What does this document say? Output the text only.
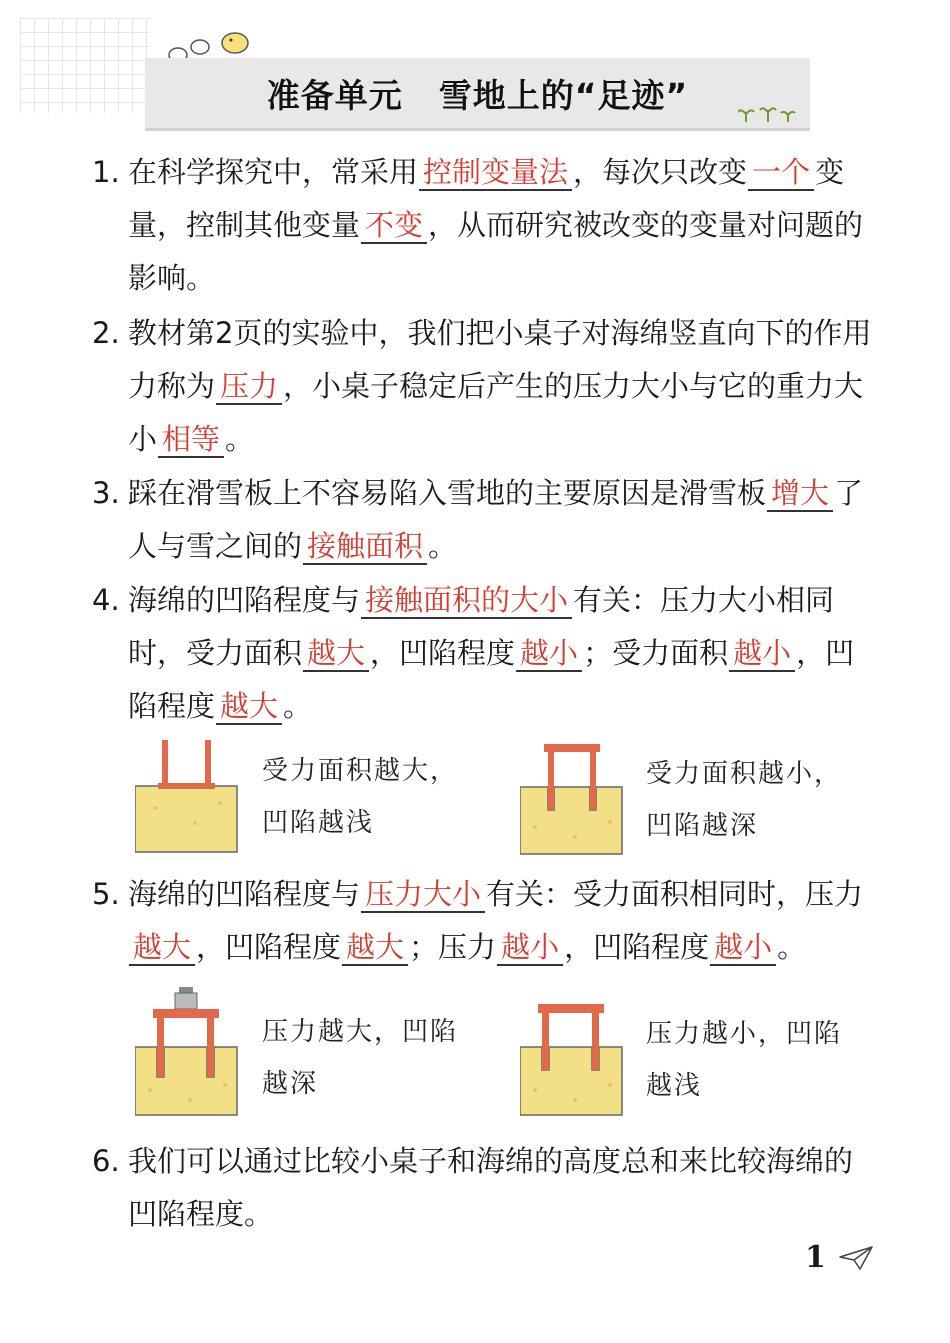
准备单元 雪地上的“足迹”
1. 在科学探究中，常采用 控制变量法 ，每次只改变 一个 变量，控制其他变量 不变 ，从而研究被改变的变量对问题的影响。
2. 教材第2页的实验中，我们把小桌子对海绵竖直向下的作用力称为 压力 ，小桌子稳定后产生的压力大小与它的重力大小 相等 。
3. 踩在滑雪板上不容易陷入雪地的主要原因是滑雪板 增大 了人与雪之间的 接触面积 。
4. 海绵的凹陷程度与 接触面积的大小 有关：压力大小相同时，受力面积 越大 ，凹陷程度 越小 ；受力面积 越小 ，凹陷程度 越大 。
受力面积越大，
凹陷越浅
受力面积越小，
凹陷越深
5. 海绵的凹陷程度与 压力大小 有关：受力面积相同时，压力越大 ，凹陷程度 越大 ；压力 越小 ，凹陷程度 越小 。
压力越大，凹陷
越深
压力越小，凹陷
越浅
6. 我们可以通过比较小桌子和海绵的高度总和来比较海绵的凹陷程度。
1
